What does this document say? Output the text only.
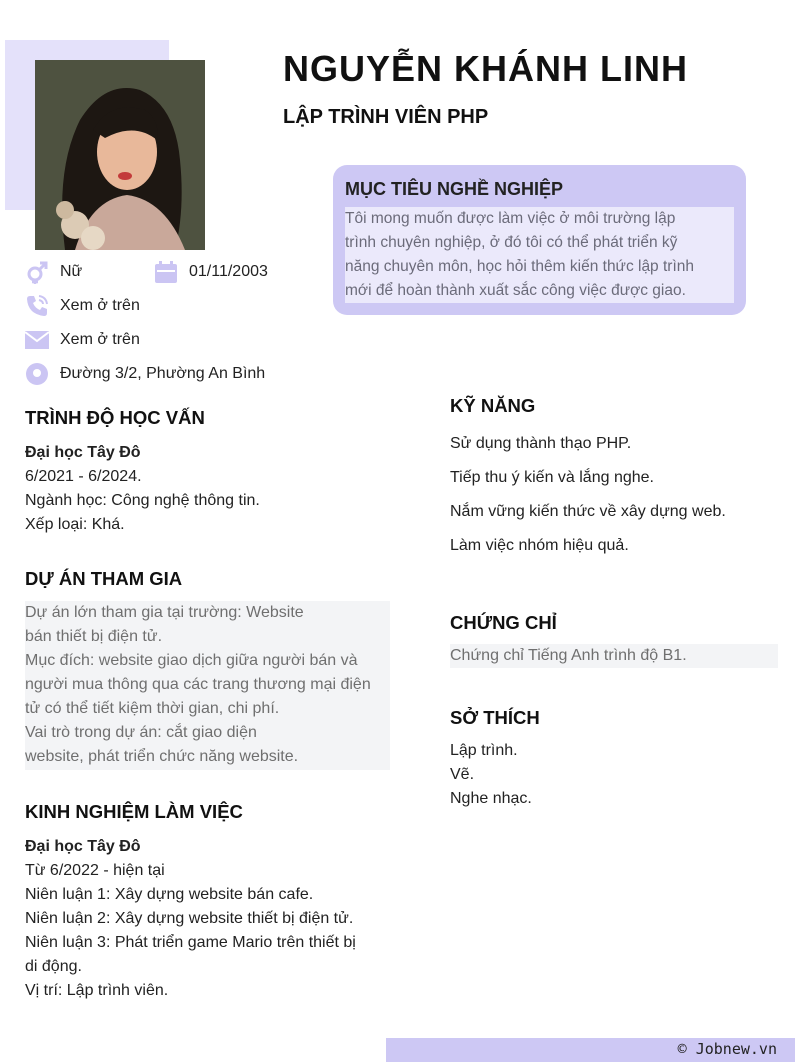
NGUYỄN KHÁNH LINH
LẬP TRÌNH VIÊN PHP
MỤC TIÊU NGHỀ NGHIỆP
Tôi mong muốn được làm việc ở môi trường lập
trình chuyên nghiệp, ở đó tôi có thể phát triển kỹ
năng chuyên môn, học hỏi thêm kiến thức lập trình
mới để hoàn thành xuất sắc công việc được giao.
Nữ	01/11/2003
Xem ở trên
Xem ở trên
Đường 3/2, Phường An Bình
TRÌNH ĐỘ HỌC VẤN
Đại học Tây Đô
6/2021 - 6/2024.
Ngành học: Công nghệ thông tin.
Xếp loại: Khá.
DỰ ÁN THAM GIA
Dự án lớn tham gia tại trường: Website
bán thiết bị điện tử.
Mục đích: website giao dịch giữa người bán và
người mua thông qua các trang thương mại điện
tử có thể tiết kiệm thời gian, chi phí.
Vai trò trong dự án: cắt giao diện
website, phát triển chức năng website.
KINH NGHIỆM LÀM VIỆC
Đại học Tây Đô
Từ 6/2022 - hiện tại
Niên luận 1: Xây dựng website bán cafe.
Niên luận 2: Xây dựng website thiết bị điện tử.
Niên luận 3: Phát triển game Mario trên thiết bị
di động.
Vị trí: Lập trình viên.
KỸ NĂNG
Sử dụng thành thạo PHP.
Tiếp thu ý kiến và lắng nghe.
Nắm vững kiến thức về xây dựng web.
Làm việc nhóm hiệu quả.
CHỨNG CHỈ
Chứng chỉ Tiếng Anh trình độ B1.
SỞ THÍCH
Lập trình.
Vẽ.
Nghe nhạc.
© Jobnew.vn
